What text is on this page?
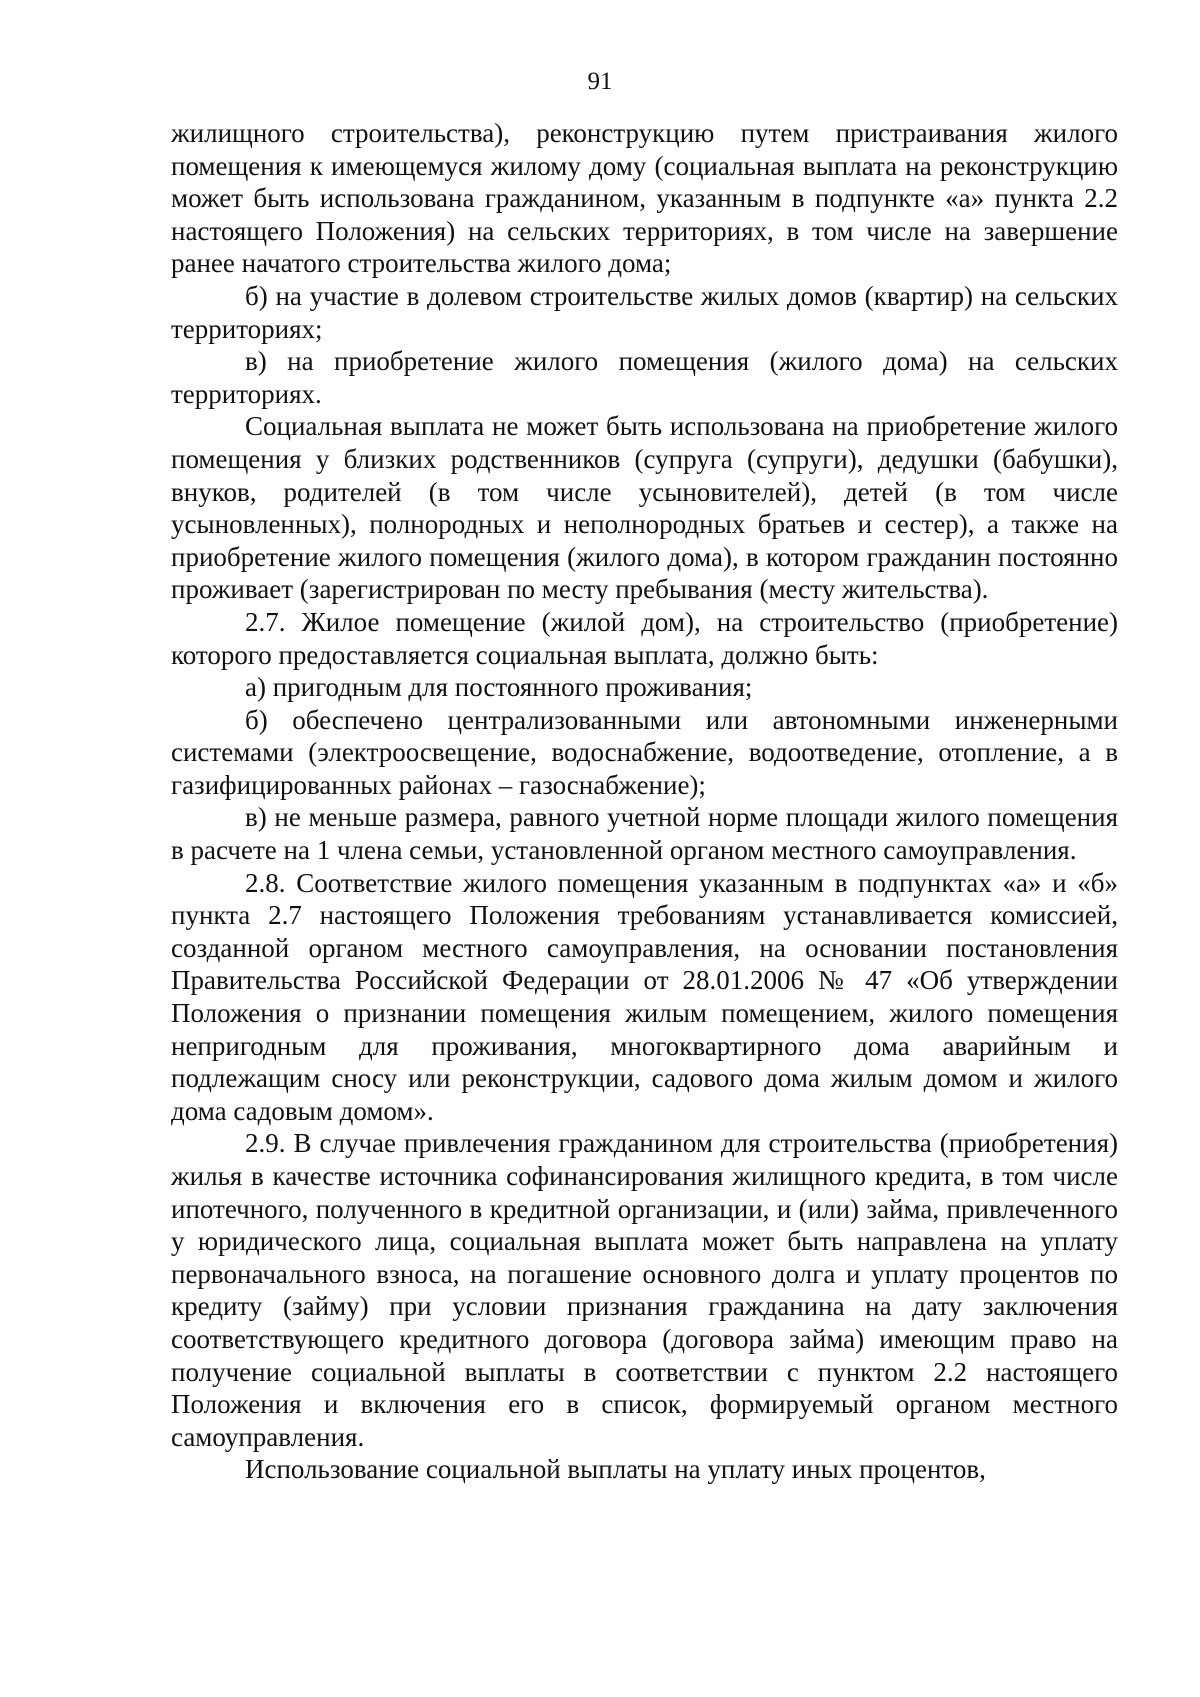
91

жилищного строительства), реконструкцию путем пристраивания жилого помещения к имеющемуся жилому дому (социальная выплата на реконструкцию может быть использована гражданином, указанным в подпункте «а» пункта 2.2 настоящего Положения) на сельских территориях, в том числе на завершение ранее начатого строительства жилого дома;

б) на участие в долевом строительстве жилых домов (квартир) на сельских территориях;

в) на приобретение жилого помещения (жилого дома) на сельских территориях.

Социальная выплата не может быть использована на приобретение жилого помещения у близких родственников (супруга (супруги), дедушки (бабушки), внуков, родителей (в том числе усыновителей), детей (в том числе усыновленных), полнородных и неполнородных братьев и сестер), а также на приобретение жилого помещения (жилого дома), в котором гражданин постоянно проживает (зарегистрирован по месту пребывания (месту жительства).

2.7. Жилое помещение (жилой дом), на строительство (приобретение) которого предоставляется социальная выплата, должно быть:

а) пригодным для постоянного проживания;

б) обеспечено централизованными или автономными инженерными системами (электроосвещение, водоснабжение, водоотведение, отопление, а в газифицированных районах – газоснабжение);

в) не меньше размера, равного учетной норме площади жилого помещения в расчете на 1 члена семьи, установленной органом местного самоуправления.

2.8. Соответствие жилого помещения указанным в подпунктах «а» и «б» пункта 2.7 настоящего Положения требованиям устанавливается комиссией, созданной органом местного самоуправления, на основании постановления Правительства Российской Федерации от 28.01.2006 № 47 «Об утверждении Положения о признании помещения жилым помещением, жилого помещения непригодным для проживания, многоквартирного дома аварийным и подлежащим сносу или реконструкции, садового дома жилым домом и жилого дома садовым домом».

2.9. В случае привлечения гражданином для строительства (приобретения) жилья в качестве источника софинансирования жилищного кредита, в том числе ипотечного, полученного в кредитной организации, и (или) займа, привлеченного у юридического лица, социальная выплата может быть направлена на уплату первоначального взноса, на погашение основного долга и уплату процентов по кредиту (займу) при условии признания гражданина на дату заключения соответствующего кредитного договора (договора займа) имеющим право на получение социальной выплаты в соответствии с пунктом 2.2 настоящего Положения и включения его в список, формируемый органом местного самоуправления.

Использование социальной выплаты на уплату иных процентов,
